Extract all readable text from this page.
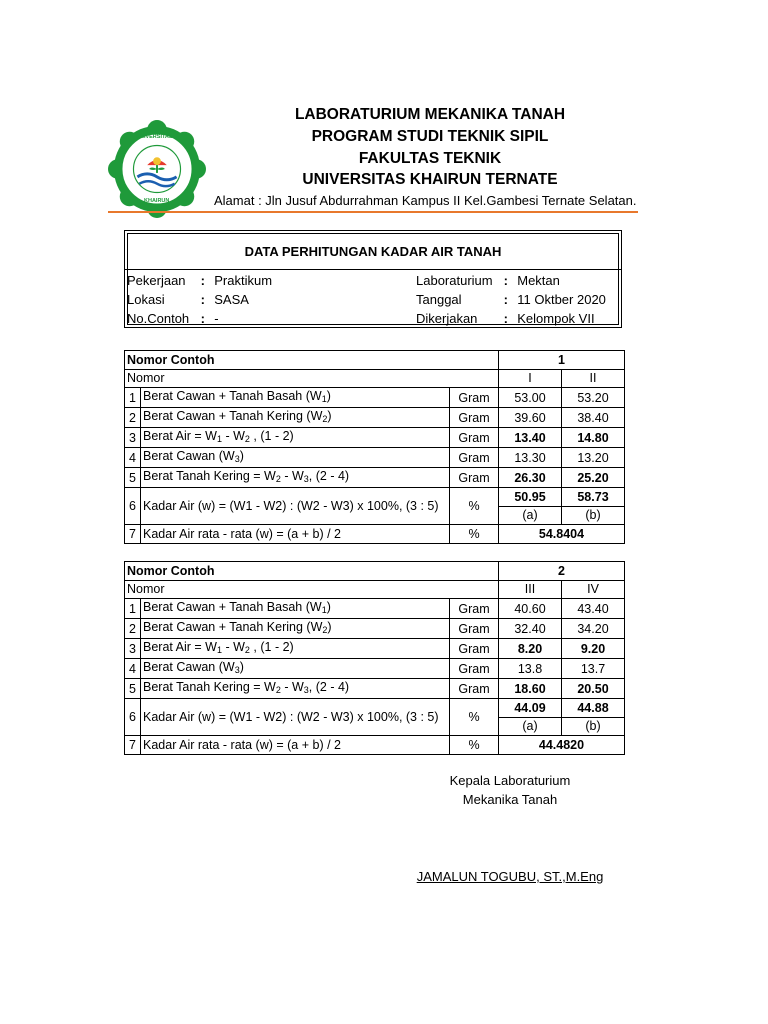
UNIVERSITAS
KHAIRUN
LABORATURIUM MEKANIKA TANAH
PROGRAM STUDI TEKNIK SIPIL
FAKULTAS TEKNIK
UNIVERSITAS KHAIRUN TERNATE
Alamat : Jln Jusuf Abdurrahman Kampus II Kel.Gambesi Ternate Selatan.
DATA PERHITUNGAN KADAR AIR TANAH
Pekerjaan : Praktikum
Lokasi	: SASA
No.Contoh : -
Laboraturium : Mektan
Tanggal	: 11 Oktber 2020
Dikerjakan : Kelompok VII
Nomor Contoh			1	
Nomor			I	II
1	Berat Cawan + Tanah Basah $(W_1)$	Gram	53.00	53.20
2	Berat Cawan + Tanah Kering $(W_2)$	Gram	39.60	38.40
3	Berat Air = $W_1 - W_2$ , (1 - 2)	Gram	13.40	14.80
4	Berat Cawan $(W_3)$	Gram	13.30	13.20
5	Berat Tanah Kering = $W_2 - W_3$, (2 - 4)	Gram	26.30	25.20
6	Kadar Air (w) = (W1 - W2) : (W2 - W3) x 100%, (3 : 5)	%	50.95	58.73
			(a)	(b)
7	Kadar Air rata - rata (w) = (a + b) / 2	%	54.8404	
Nomor Contoh			2	
Nomor			III	IV
1	Berat Cawan + Tanah Basah $(W_1)$	Gram	40.60	43.40
2	Berat Cawan + Tanah Kering $(W_2)$	Gram	32.40	34.20
3	Berat Air = $W_1 - W_2$ , (1 - 2)	Gram	8.20	9.20
4	Berat Cawan $(W_3)$	Gram	13.8	13.7
5	Berat Tanah Kering = $W_2 - W_3$, (2 - 4)	Gram	18.60	20.50
6	Kadar Air (w) = (W1 - W2) : (W2 - W3) x 100%, (3 : 5)	%	44.09	44.88
			(a)	(b)
7	Kadar Air rata - rata (w) = (a + b) / 2	%	44.4820	
Kepala Laboraturium
Mekanika Tanah
JAMALUN TOGUBU, ST.,M.Eng
